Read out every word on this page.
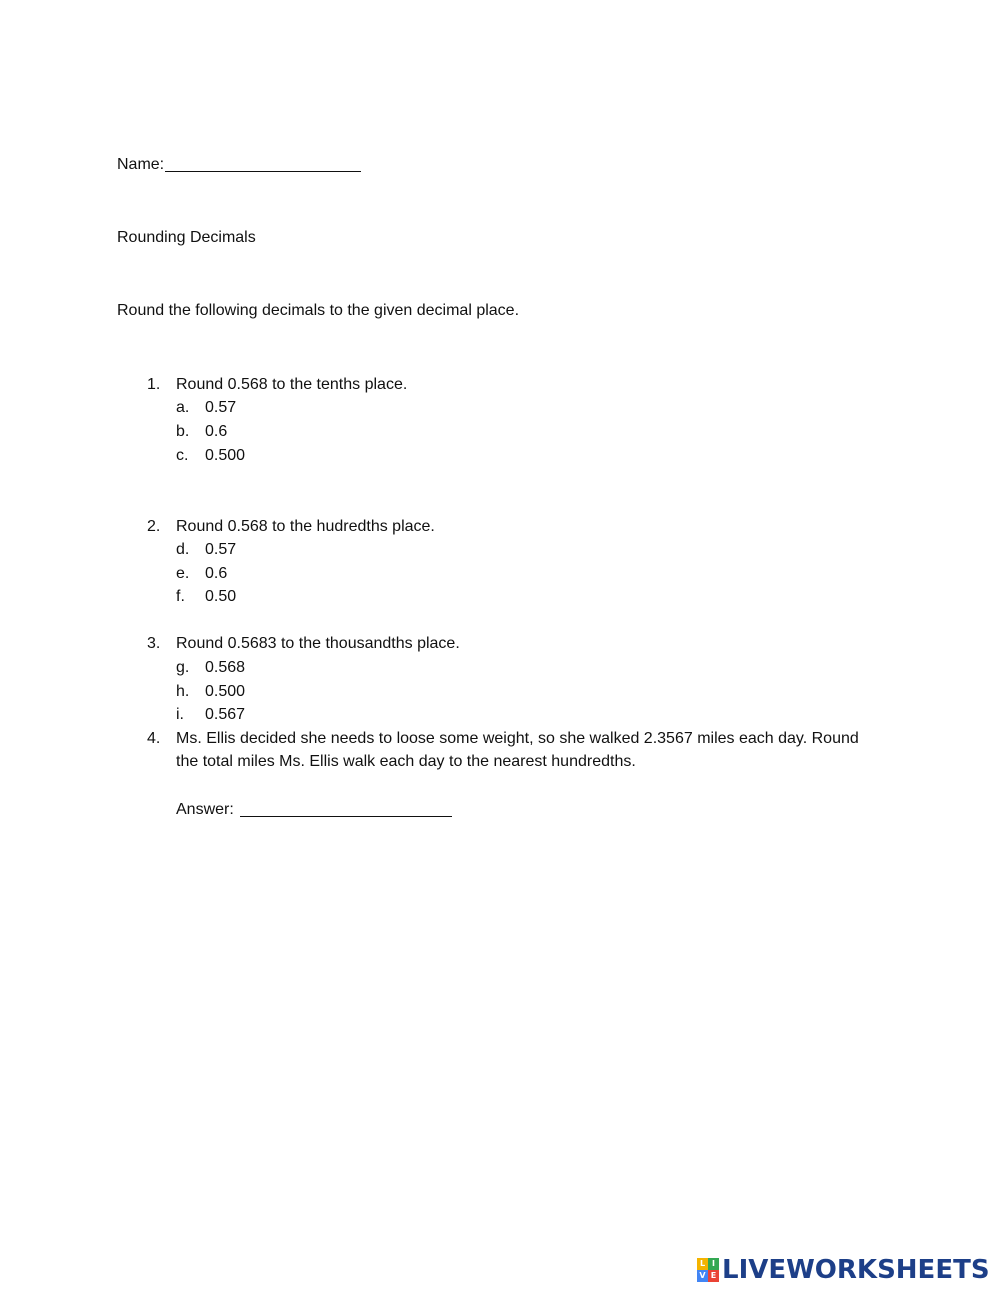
Name:
Rounding Decimals
Round the following decimals to the given decimal place.
1. Round 0.568 to the tenths place.
a. 0.57
b. 0.6
c. 0.500
2. Round 0.568 to the hudredths place.
d. 0.57
e. 0.6
f. 0.50
3. Round 0.5683 to the thousandths place.
g. 0.568
h. 0.500
i. 0.567
4. Ms. Ellis decided she needs to loose some weight, so she walked 2.3567 miles each day. Round
the total miles Ms. Ellis walk each day to the nearest hundredths.
Answer:
L I
V E LIVEWORKSHEETS
